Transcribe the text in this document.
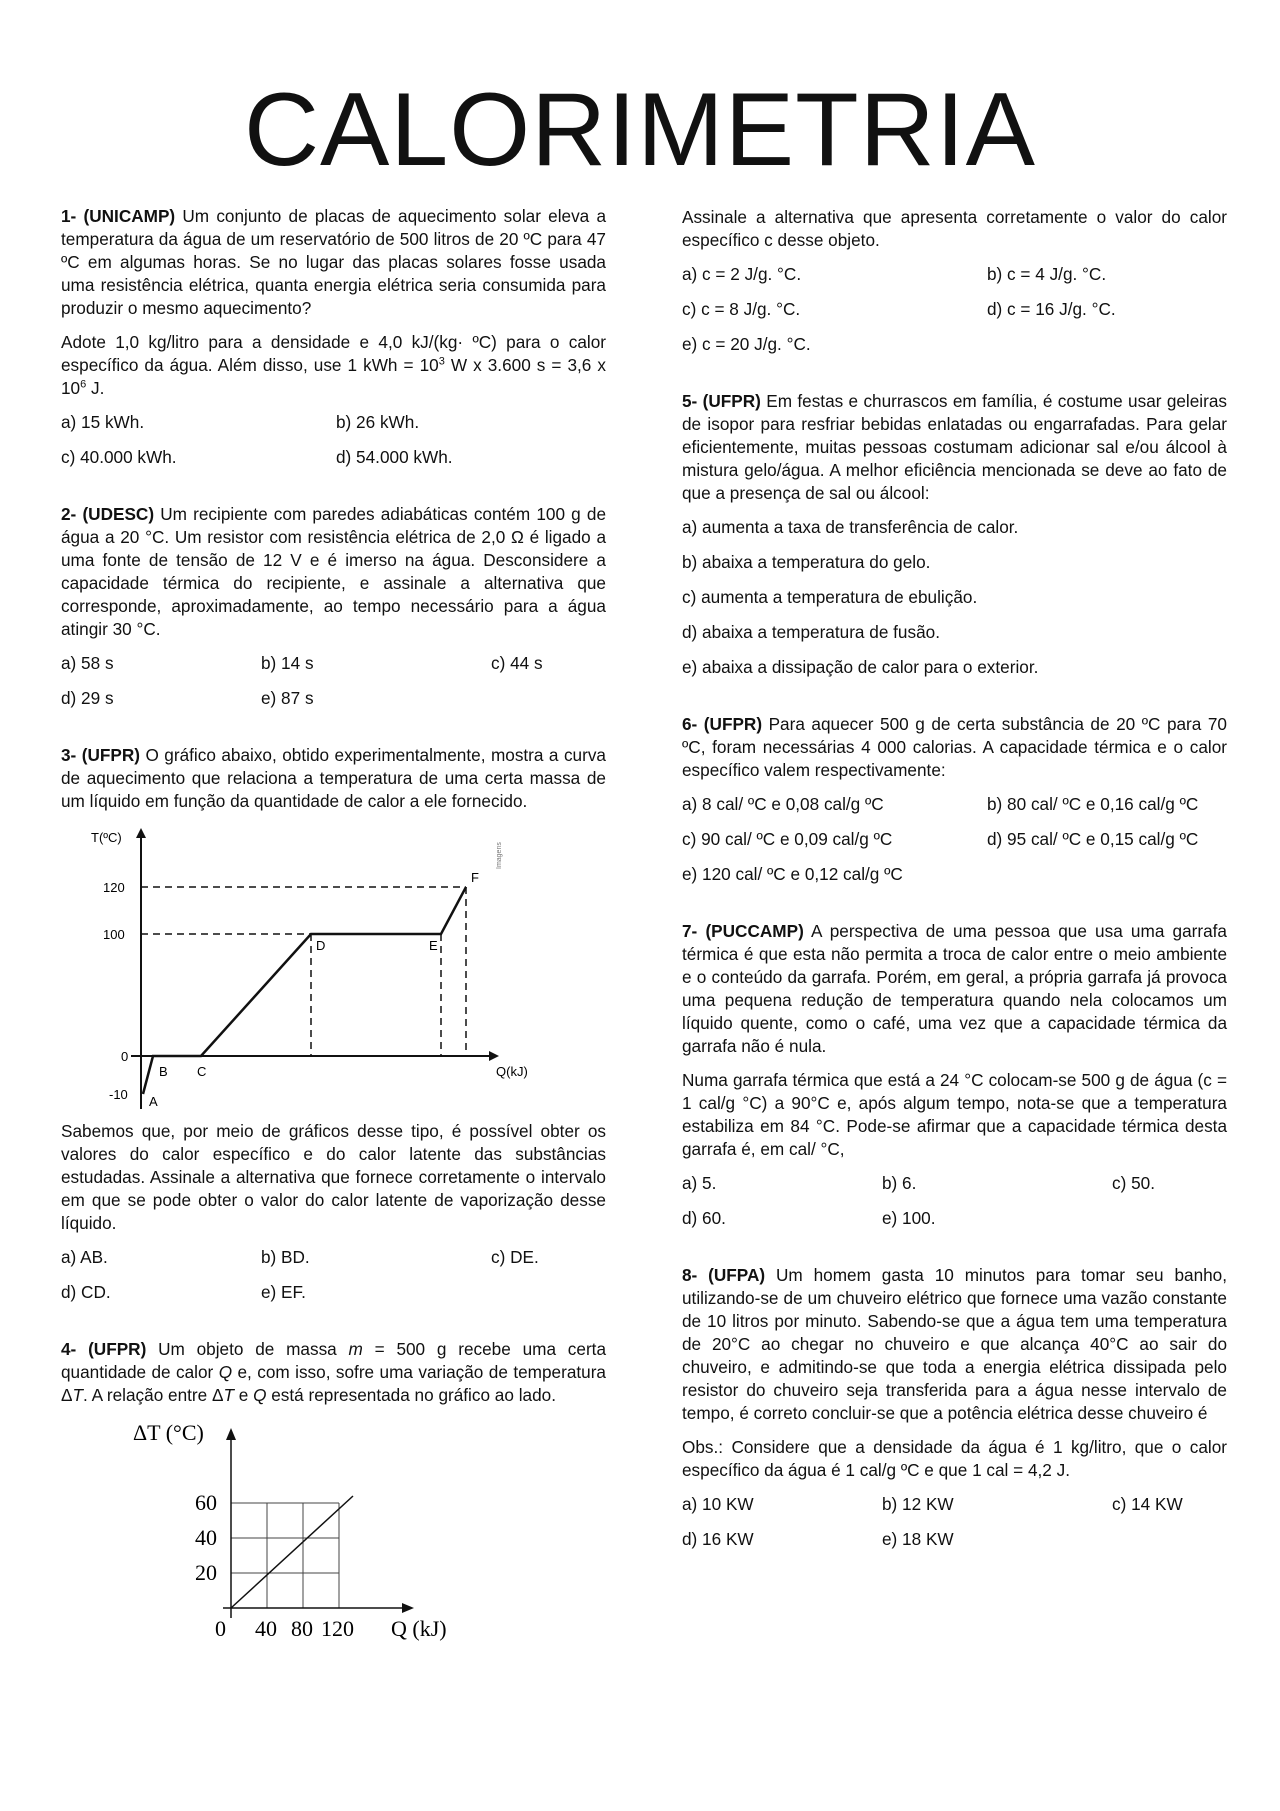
CALORIMETRIA

1- (UNICAMP) Um conjunto de placas de aquecimento solar eleva a temperatura da água de um reservatório de 500 litros de 20 ºC para 47 ºC em algumas horas. Se no lugar das placas solares fosse usada uma resistência elétrica, quanta energia elétrica seria consumida para produzir o mesmo aquecimento?

Adote 1,0 kg/litro para a densidade e 4,0 kJ/(kg· ºC) para o calor específico da água. Além disso, use 1 kWh = $10^3$ W x 3.600 s = 3,6 x $10^6$ J.

a) 15 kWh.	b) 26 kWh.
c) 40.000 kWh.	d) 54.000 kWh.

2- (UDESC) Um recipiente com paredes adiabáticas contém 100 g de água a 20 °C. Um resistor com resistência elétrica de 2,0 Ω é ligado a uma fonte de tensão de 12 V e é imerso na água. Desconsidere a capacidade térmica do recipiente, e assinale a alternativa que corresponde, aproximadamente, ao tempo necessário para a água atingir 30 °C.

a) 58 s	b) 14 s	c) 44 s
d) 29 s	e) 87 s

3- (UFPR) O gráfico abaixo, obtido experimentalmente, mostra a curva de aquecimento que relaciona a temperatura de uma certa massa de um líquido em função da quantidade de calor a ele fornecido.

T(ºC)
Q(kJ)
120
100
0
-10 A
B C
D	E
F
Imagens

Sabemos que, por meio de gráficos desse tipo, é possível obter os valores do calor específico e do calor latente das substâncias estudadas. Assinale a alternativa que fornece corretamente o intervalo em que se pode obter o valor do calor latente de vaporização desse líquido.

a) AB.	b) BD.	c) DE.
d) CD.	e) EF.

4- (UFPR) Um objeto de massa m = 500 g recebe uma certa quantidade de calor Q e, com isso, sofre uma variação de temperatura ΔT. A relação entre ΔT e Q está representada no gráfico ao lado.

ΔT (°C)
20
40
60
0 40 80 120 Q (kJ)

Assinale a alternativa que apresenta corretamente o valor do calor específico c desse objeto.

a) c = 2 J/g. °C.	b) c = 4 J/g. °C.
c) c = 8 J/g. °C.	d) c = 16 J/g. °C.
e) c = 20 J/g. °C.

5- (UFPR) Em festas e churrascos em família, é costume usar geleiras de isopor para resfriar bebidas enlatadas ou engarrafadas. Para gelar eficientemente, muitas pessoas costumam adicionar sal e/ou álcool à mistura gelo/água. A melhor eficiência mencionada se deve ao fato de que a presença de sal ou álcool:

a) aumenta a taxa de transferência de calor.
b) abaixa a temperatura do gelo.
c) aumenta a temperatura de ebulição.
d) abaixa a temperatura de fusão.
e) abaixa a dissipação de calor para o exterior.

6- (UFPR) Para aquecer 500 g de certa substância de 20 ºC para 70 ºC, foram necessárias 4 000 calorias. A capacidade térmica e o calor específico valem respectivamente:

a) 8 cal/ ºC e 0,08 cal/g ºC	b) 80 cal/ ºC e 0,16 cal/g ºC
c) 90 cal/ ºC e 0,09 cal/g ºC	d) 95 cal/ ºC e 0,15 cal/g ºC
e) 120 cal/ ºC e 0,12 cal/g ºC

7- (PUCCAMP) A perspectiva de uma pessoa que usa uma garrafa térmica é que esta não permita a troca de calor entre o meio ambiente e o conteúdo da garrafa. Porém, em geral, a própria garrafa já provoca uma pequena redução de temperatura quando nela colocamos um líquido quente, como o café, uma vez que a capacidade térmica da garrafa não é nula.

Numa garrafa térmica que está a 24 °C colocam-se 500 g de água (c = 1 cal/g °C) a 90°C e, após algum tempo, nota-se que a temperatura estabiliza em 84 °C. Pode-se afirmar que a capacidade térmica desta garrafa é, em cal/ °C,

a) 5.	b) 6.	c) 50.
d) 60.	e) 100.

8- (UFPA) Um homem gasta 10 minutos para tomar seu banho, utilizando-se de um chuveiro elétrico que fornece uma vazão constante de 10 litros por minuto. Sabendo-se que a água tem uma temperatura de 20°C ao chegar no chuveiro e que alcança 40°C ao sair do chuveiro, e admitindo-se que toda a energia elétrica dissipada pelo resistor do chuveiro seja transferida para a água nesse intervalo de tempo, é correto concluir-se que a potência elétrica desse chuveiro é

Obs.: Considere que a densidade da água é 1 kg/litro, que o calor específico da água é 1 cal/g ºC e que 1 cal = 4,2 J.

a) 10 KW	b) 12 KW	c) 14 KW
d) 16 KW	e) 18 KW
